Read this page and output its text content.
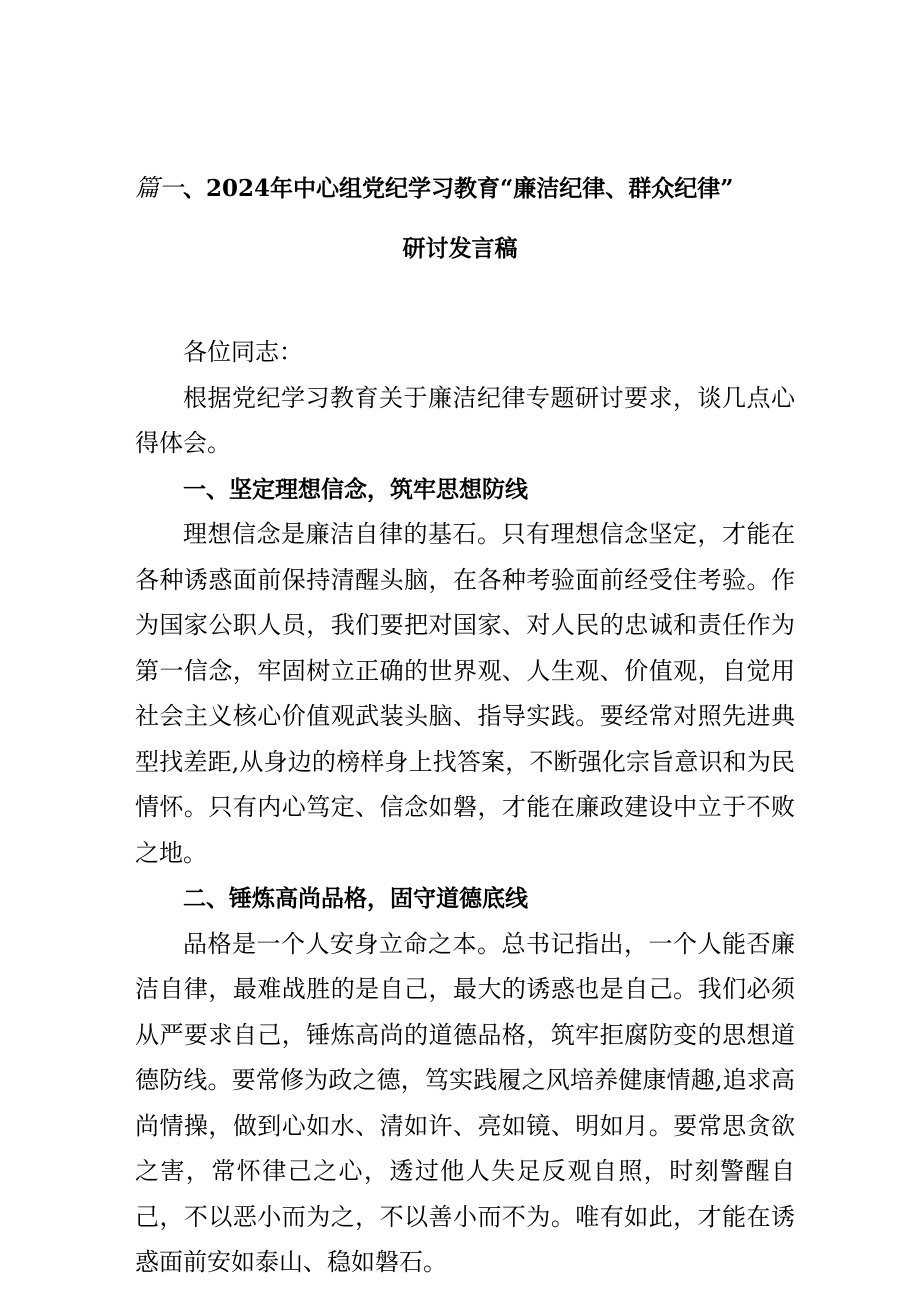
篇一、2024年中心组党纪学习教育“廉洁纪律、群众纪律”
研讨发言稿

各位同志：

根据党纪学习教育关于廉洁纪律专题研讨要求，谈几点心得体会。

一、坚定理想信念，筑牢思想防线

理想信念是廉洁自律的基石。只有理想信念坚定，才能在各种诱惑面前保持清醒头脑，在各种考验面前经受住考验。作为国家公职人员，我们要把对国家、对人民的忠诚和责任作为第一信念，牢固树立正确的世界观、人生观、价值观，自觉用社会主义核心价值观武装头脑、指导实践。要经常对照先进典型找差距,从身边的榜样身上找答案，不断强化宗旨意识和为民情怀。只有内心笃定、信念如磐，才能在廉政建设中立于不败之地。

二、锤炼高尚品格，固守道德底线

品格是一个人安身立命之本。总书记指出，一个人能否廉洁自律，最难战胜的是自己，最大的诱惑也是自己。我们必须从严要求自己，锤炼高尚的道德品格，筑牢拒腐防变的思想道德防线。要常修为政之德，笃实践履之风培养健康情趣,追求高尚情操，做到心如水、清如许、亮如镜、明如月。要常思贪欲之害，常怀律己之心，透过他人失足反观自照，时刻警醒自己，不以恶小而为之，不以善小而不为。唯有如此，才能在诱惑面前安如泰山、稳如磐石。
